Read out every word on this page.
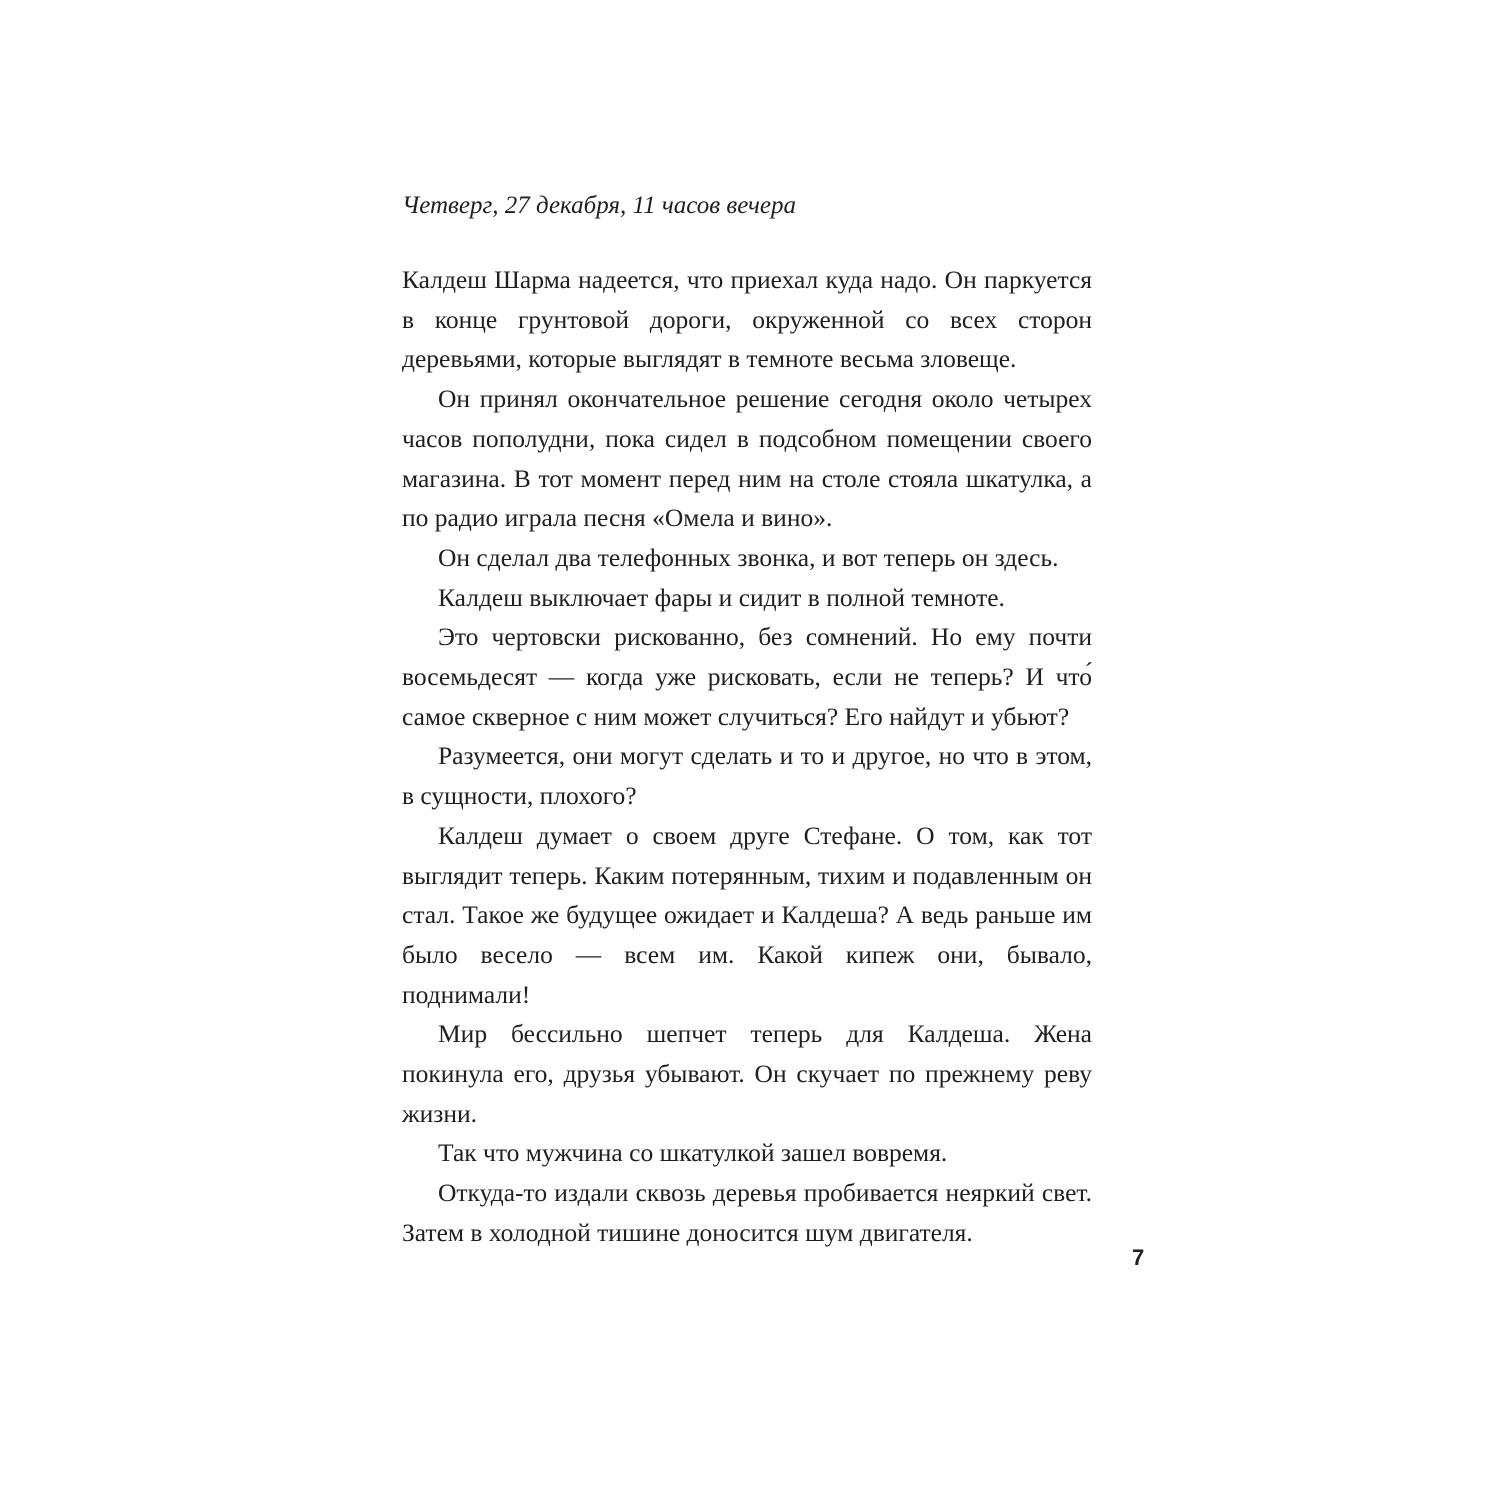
Четверг, 27 декабря, 11 часов вечера

Калдеш Шарма надеется, что приехал куда надо. Он паркуется в конце грунтовой дороги, окруженной со всех сторон деревьями, которые выглядят в темноте весьма зловеще.

Он принял окончательное решение сегодня около четырех часов пополудни, пока сидел в подсобном помещении своего магазина. В тот момент перед ним на столе стояла шкатулка, а по радио играла песня «Омела и вино».

Он сделал два телефонных звонка, и вот теперь он здесь.

Калдеш выключает фары и сидит в полной темноте.

Это чертовски рискованно, без сомнений. Но ему почти восемьдесят — когда уже рисковать, если не теперь? И что́ самое скверное с ним может случиться? Его найдут и убьют?

Разумеется, они могут сделать и то и другое, но что в этом, в сущности, плохого?

Калдеш думает о своем друге Стефане. О том, как тот выглядит теперь. Каким потерянным, тихим и подавленным он стал. Такое же будущее ожидает и Калдеша? А ведь раньше им было весело — всем им. Какой кипеж они, бывало, поднимали!

Мир бессильно шепчет теперь для Калдеша. Жена покинула его, друзья убывают. Он скучает по прежнему реву жизни.

Так что мужчина со шкатулкой зашел вовремя.

Откуда-то издали сквозь деревья пробивается неяркий свет. Затем в холодной тишине доносится шум двигателя.

7
